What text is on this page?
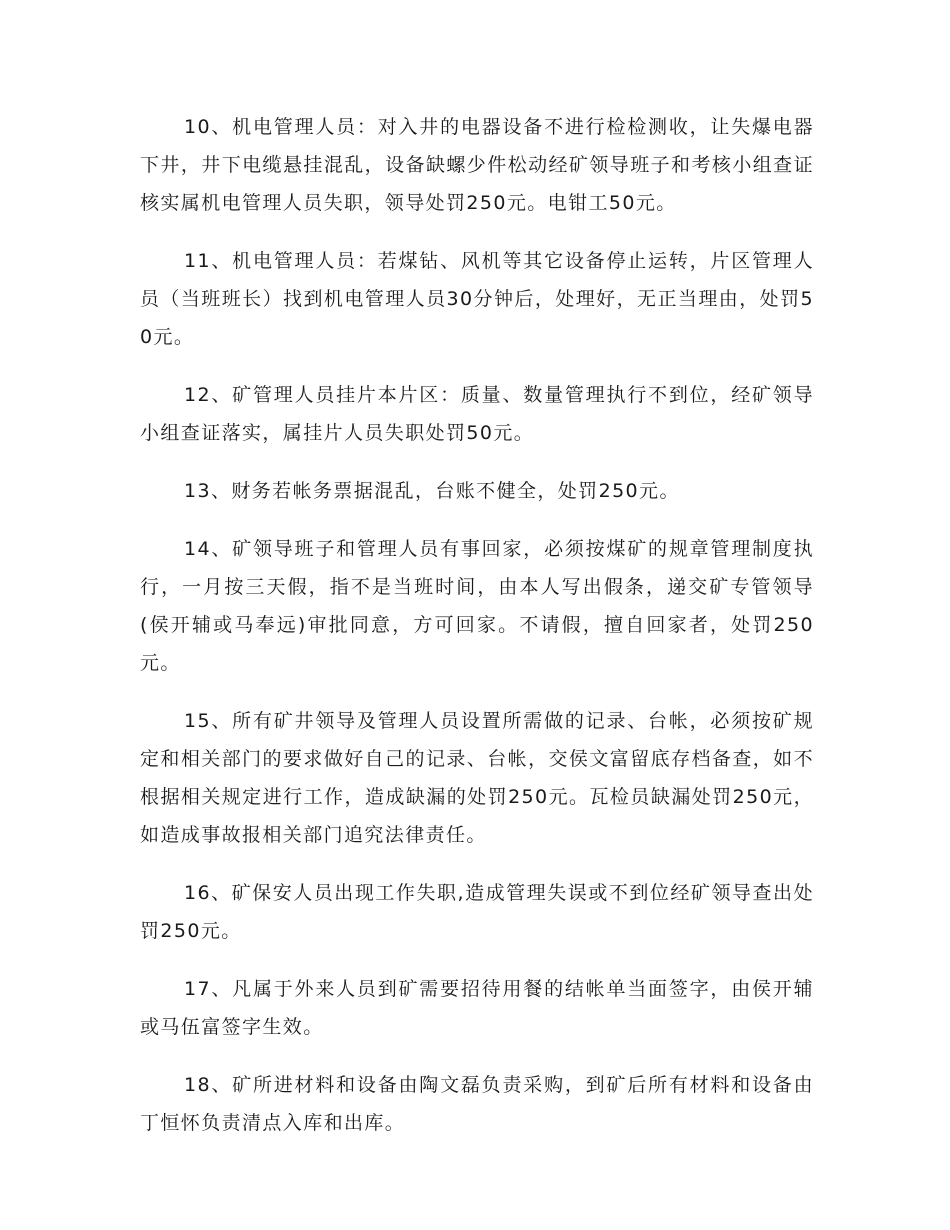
10、机电管理人员：对入井的电器设备不进行检检测收，让失爆电器下井，井下电缆悬挂混乱，设备缺螺少件松动经矿领导班子和考核小组查证核实属机电管理人员失职，领导处罚250元。电钳工50元。

11、机电管理人员：若煤钻、风机等其它设备停止运转，片区管理人员（当班班长）找到机电管理人员30分钟后，处理好，无正当理由，处罚50元。

12、矿管理人员挂片本片区：质量、数量管理执行不到位，经矿领导小组查证落实，属挂片人员失职处罚50元。

13、财务若帐务票据混乱，台账不健全，处罚250元。

14、矿领导班子和管理人员有事回家，必须按煤矿的规章管理制度执行，一月按三天假，指不是当班时间，由本人写出假条，递交矿专管领导(侯开辅或马奉远)审批同意，方可回家。不请假，擅自回家者，处罚250元。

15、所有矿井领导及管理人员设置所需做的记录、台帐，必须按矿规定和相关部门的要求做好自己的记录、台帐，交侯文富留底存档备查，如不根据相关规定进行工作，造成缺漏的处罚250元。瓦检员缺漏处罚250元，如造成事故报相关部门追究法律责任。

16、矿保安人员出现工作失职,造成管理失误或不到位经矿领导查出处罚250元。

17、凡属于外来人员到矿需要招待用餐的结帐单当面签字，由侯开辅或马伍富签字生效。

18、矿所进材料和设备由陶文磊负责采购，到矿后所有材料和设备由丁恒怀负责清点入库和出库。
